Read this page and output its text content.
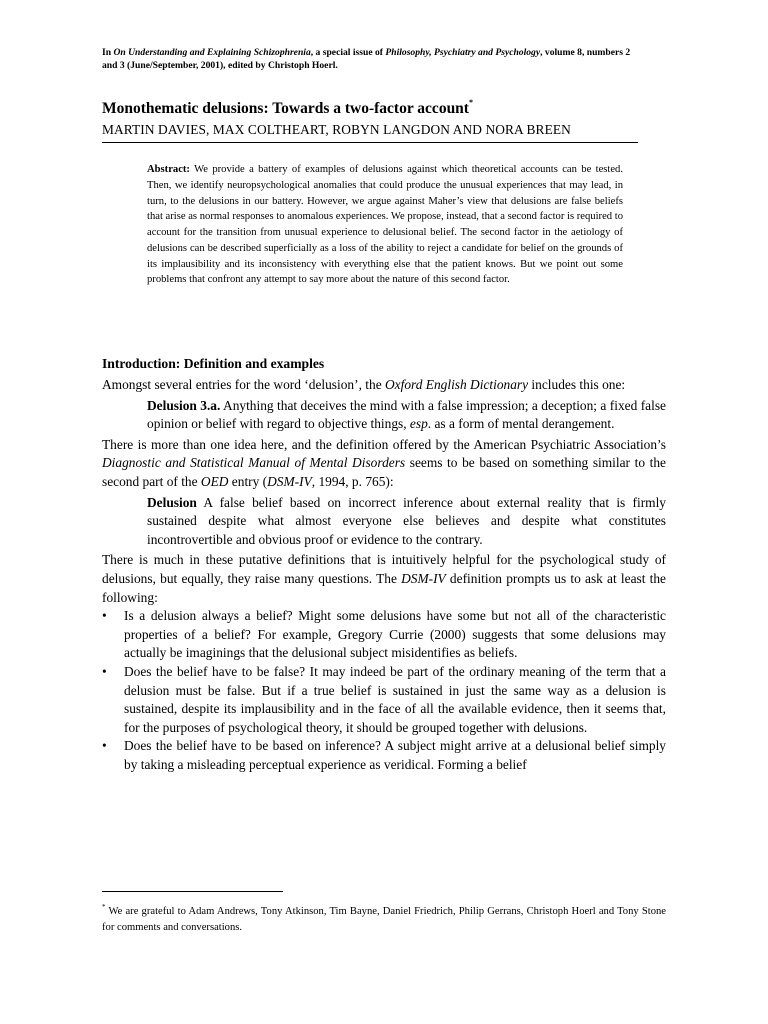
In On Understanding and Explaining Schizophrenia, a special issue of Philosophy, Psychiatry and Psychology, volume 8, numbers 2 and 3 (June/September, 2001), edited by Christoph Hoerl.
Monothematic delusions: Towards a two-factor account*
MARTIN DAVIES, MAX COLTHEART, ROBYN LANGDON AND NORA BREEN
Abstract: We provide a battery of examples of delusions against which theoretical accounts can be tested. Then, we identify neuropsychological anomalies that could produce the unusual experiences that may lead, in turn, to the delusions in our battery. However, we argue against Maher’s view that delusions are false beliefs that arise as normal responses to anomalous experiences. We propose, instead, that a second factor is required to account for the transition from unusual experience to delusional belief. The second factor in the aetiology of delusions can be described superficially as a loss of the ability to reject a candidate for belief on the grounds of its implausibility and its inconsistency with everything else that the patient knows. But we point out some problems that confront any attempt to say more about the nature of this second factor.
Introduction: Definition and examples

Amongst several entries for the word ‘delusion’, the Oxford English Dictionary includes this one:

Delusion 3.a. Anything that deceives the mind with a false impression; a deception; a fixed false opinion or belief with regard to objective things, esp. as a form of mental derangement.

There is more than one idea here, and the definition offered by the American Psychiatric Association’s Diagnostic and Statistical Manual of Mental Disorders seems to be based on something similar to the second part of the OED entry (DSM-IV, 1994, p. 765):

Delusion A false belief based on incorrect inference about external reality that is firmly sustained despite what almost everyone else believes and despite what constitutes incontrovertible and obvious proof or evidence to the contrary.

There is much in these putative definitions that is intuitively helpful for the psychological study of delusions, but equally, they raise many questions. The DSM-IV definition prompts us to ask at least the following:

• Is a delusion always a belief? Might some delusions have some but not all of the characteristic properties of a belief? For example, Gregory Currie (2000) suggests that some delusions may actually be imaginings that the delusional subject misidentifies as beliefs.
• Does the belief have to be false? It may indeed be part of the ordinary meaning of the term that a delusion must be false. But if a true belief is sustained in just the same way as a delusion is sustained, despite its implausibility and in the face of all the available evidence, then it seems that, for the purposes of psychological theory, it should be grouped together with delusions.
• Does the belief have to be based on inference? A subject might arrive at a delusional belief simply by taking a misleading perceptual experience as veridical. Forming a belief
* We are grateful to Adam Andrews, Tony Atkinson, Tim Bayne, Daniel Friedrich, Philip Gerrans, Christoph Hoerl and Tony Stone for comments and conversations.
